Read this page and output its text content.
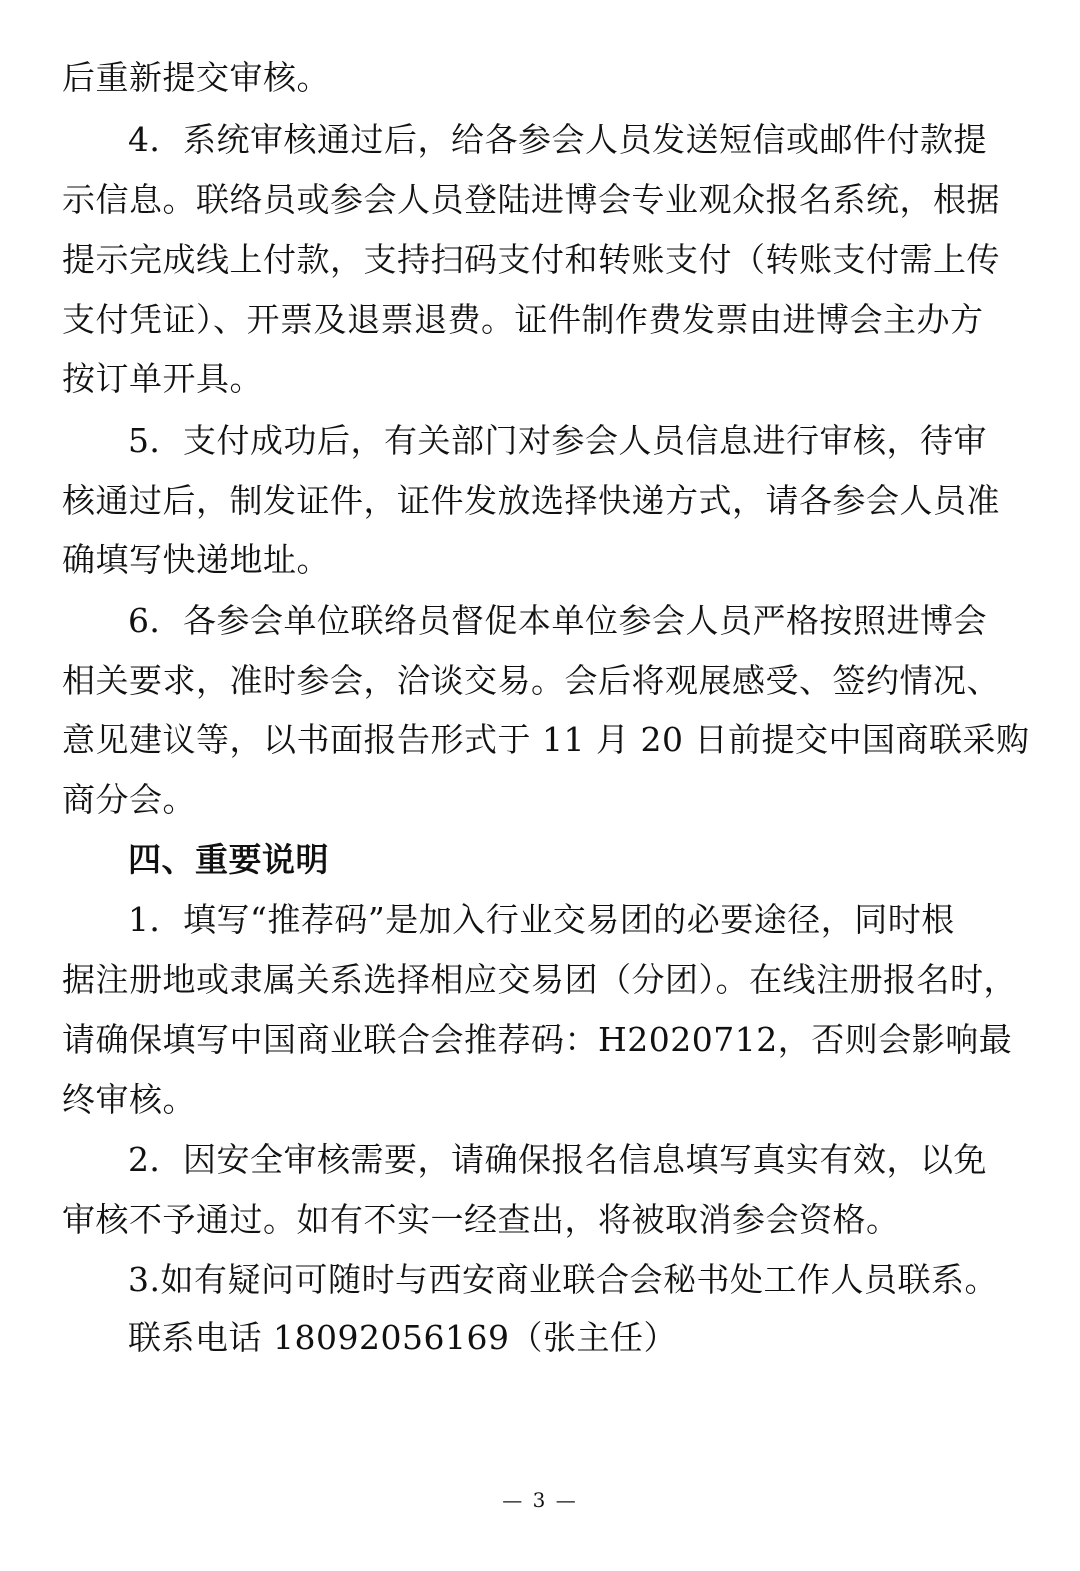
后重新提交审核。
4．系统审核通过后，给各参会人员发送短信或邮件付款提
示信息。联络员或参会人员登陆进博会专业观众报名系统，根据
提示完成线上付款，支持扫码支付和转账支付（转账支付需上传
支付凭证）、开票及退票退费。证件制作费发票由进博会主办方
按订单开具。
5．支付成功后，有关部门对参会人员信息进行审核，待审
核通过后，制发证件，证件发放选择快递方式，请各参会人员准
确填写快递地址。
6．各参会单位联络员督促本单位参会人员严格按照进博会
相关要求，准时参会，洽谈交易。会后将观展感受、签约情况、
意见建议等，以书面报告形式于 11 月 20 日前提交中国商联采购
商分会。
四、重要说明
1．填写“推荐码”是加入行业交易团的必要途径，同时根
据注册地或隶属关系选择相应交易团（分团）。在线注册报名时，
请确保填写中国商业联合会推荐码：H2020712，否则会影响最
终审核。
2．因安全审核需要，请确保报名信息填写真实有效，以免
审核不予通过。如有不实一经查出，将被取消参会资格。
3.如有疑问可随时与西安商业联合会秘书处工作人员联系。
联系电话 18092056169（张主任）
— 3 —
